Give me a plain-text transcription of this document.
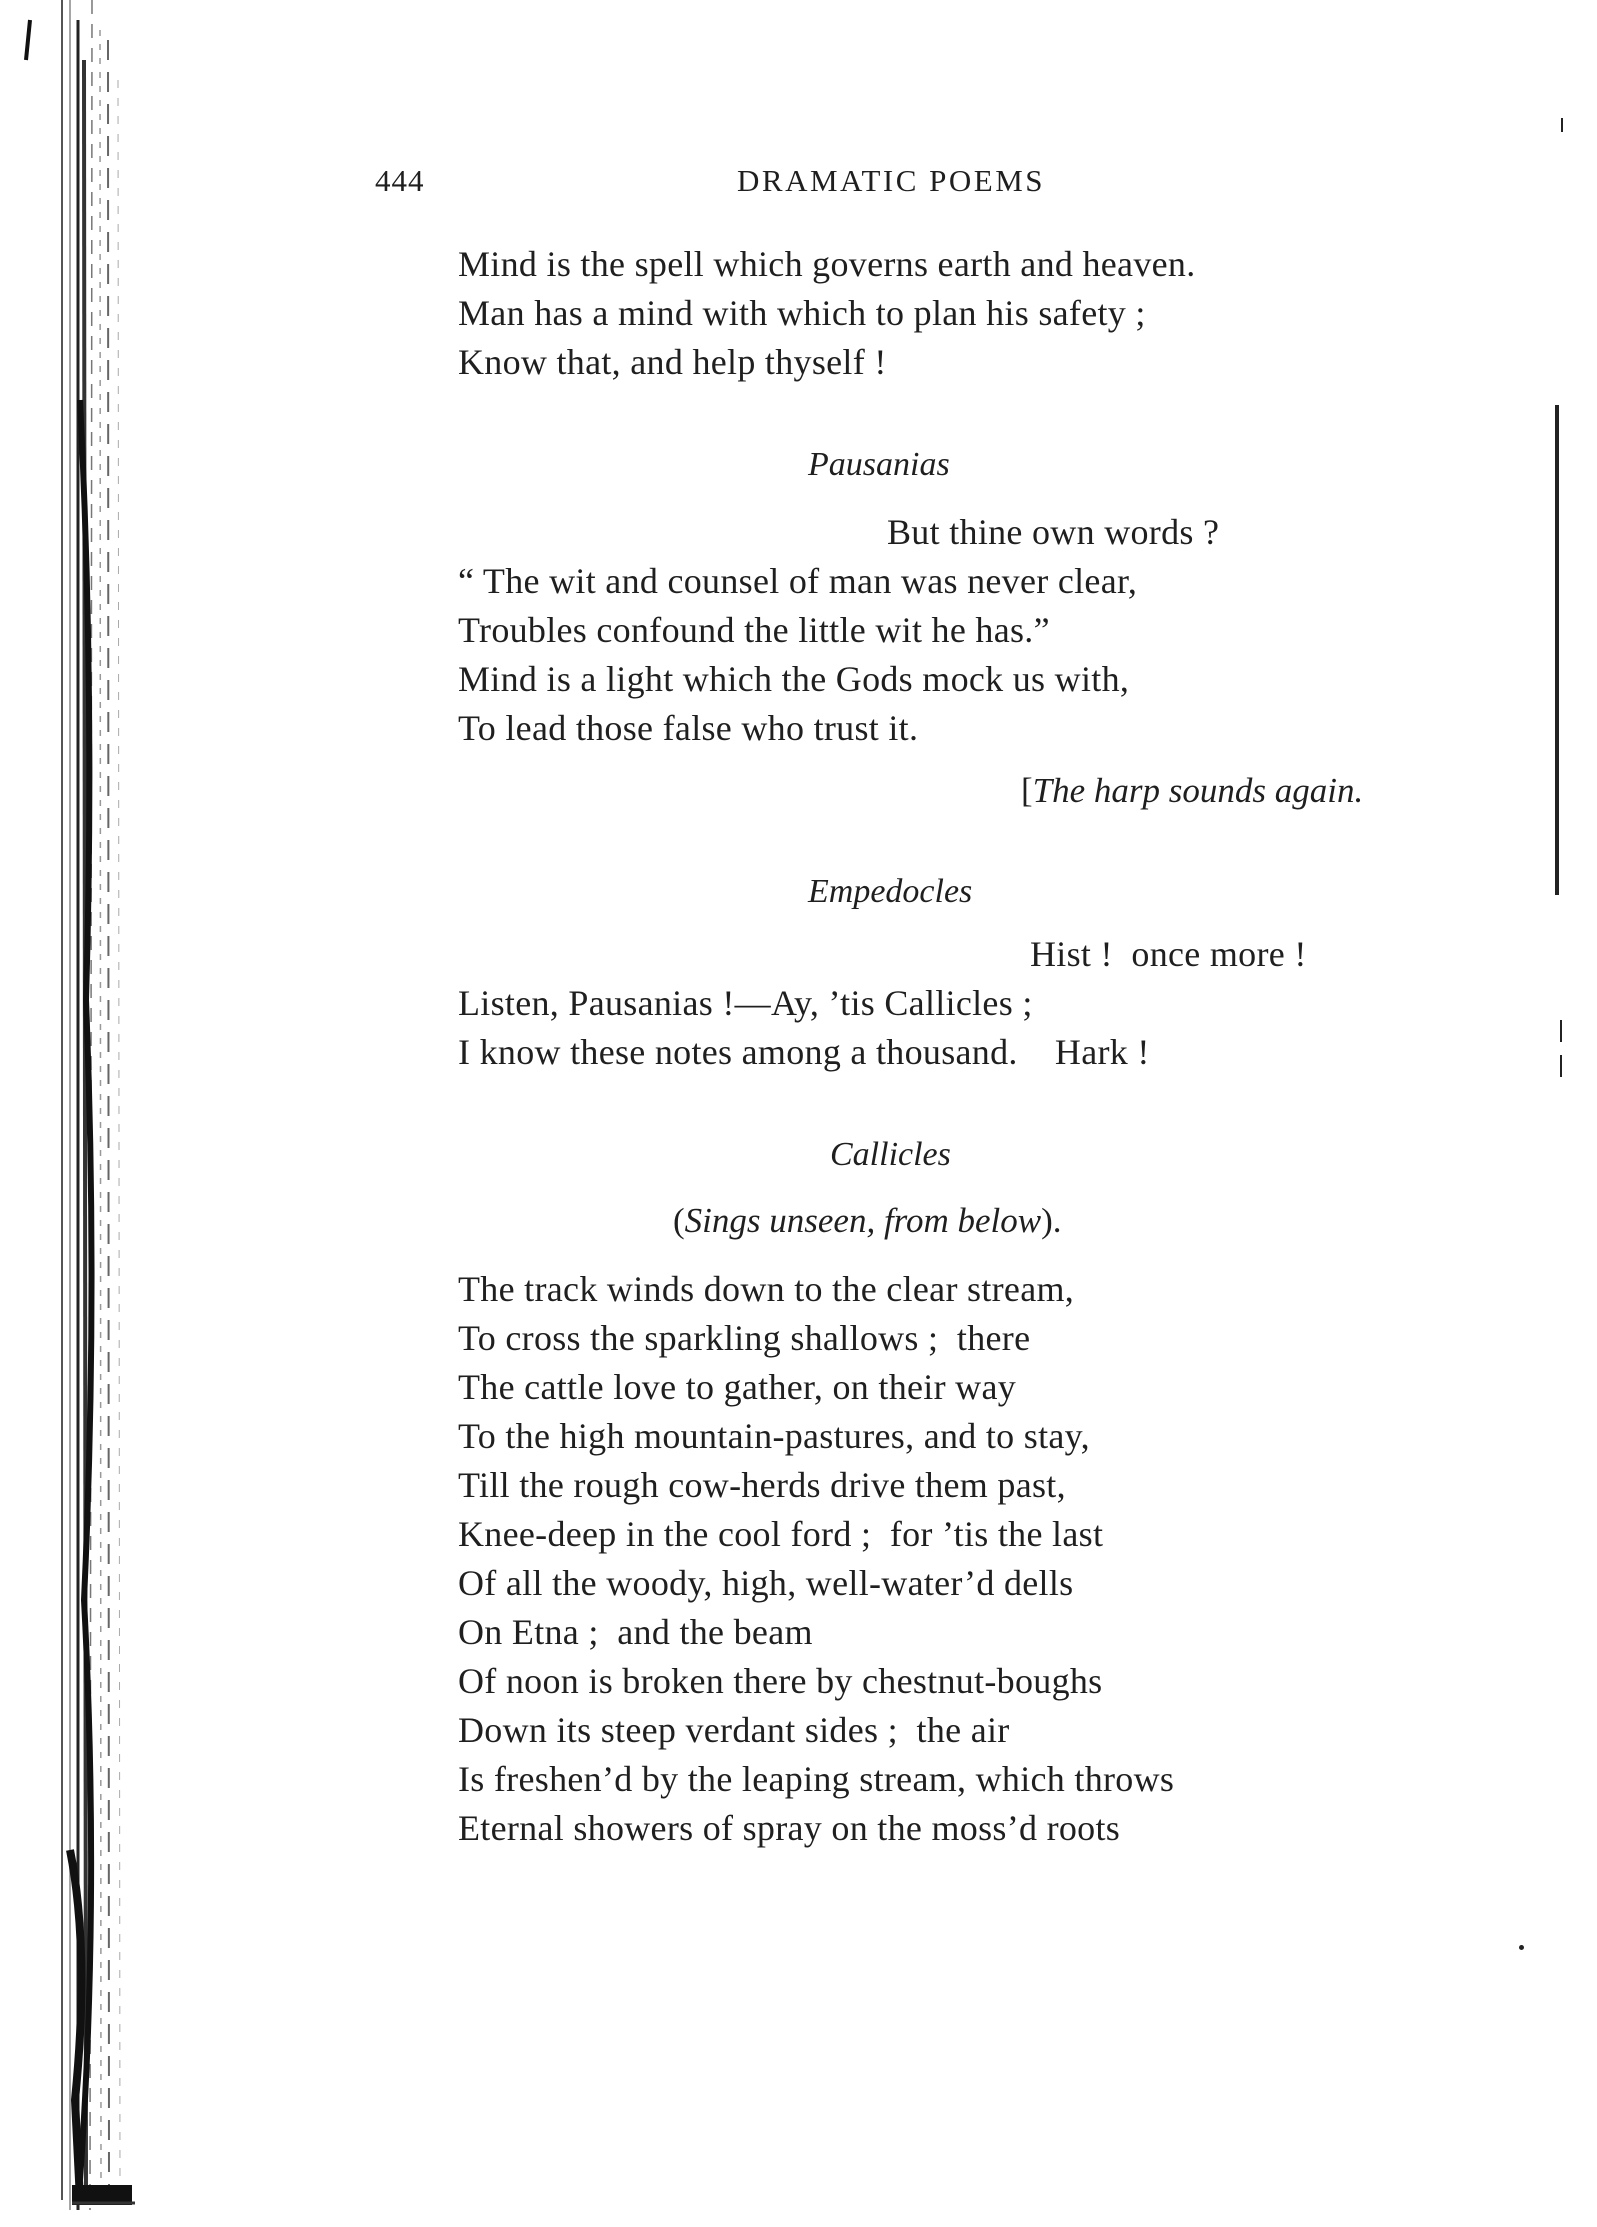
444	DRAMATIC POEMS
Mind is the spell which governs earth and heaven.
Man has a mind with which to plan his safety ;
Know that, and help thyself !
Pausanias
But thine own words ?
“ The wit and counsel of man was never clear,
Troubles confound the little wit he has.”
Mind is a light which the Gods mock us with,
To lead those false who trust it.
[The harp sounds again.
Empedocles
Hist !  once more !
Listen, Pausanias !—Ay, ’tis Callicles ;
I know these notes among a thousand.    Hark !
Callicles
(Sings unseen, from below).
The track winds down to the clear stream,
To cross the sparkling shallows ;  there
The cattle love to gather, on their way
To the high mountain-pastures, and to stay,
Till the rough cow-herds drive them past,
Knee-deep in the cool ford ;  for ’tis the last
Of all the woody, high, well-water’d dells
On Etna ;  and the beam
Of noon is broken there by chestnut-boughs
Down its steep verdant sides ;  the air
Is freshen’d by the leaping stream, which throws
Eternal showers of spray on the moss’d roots
